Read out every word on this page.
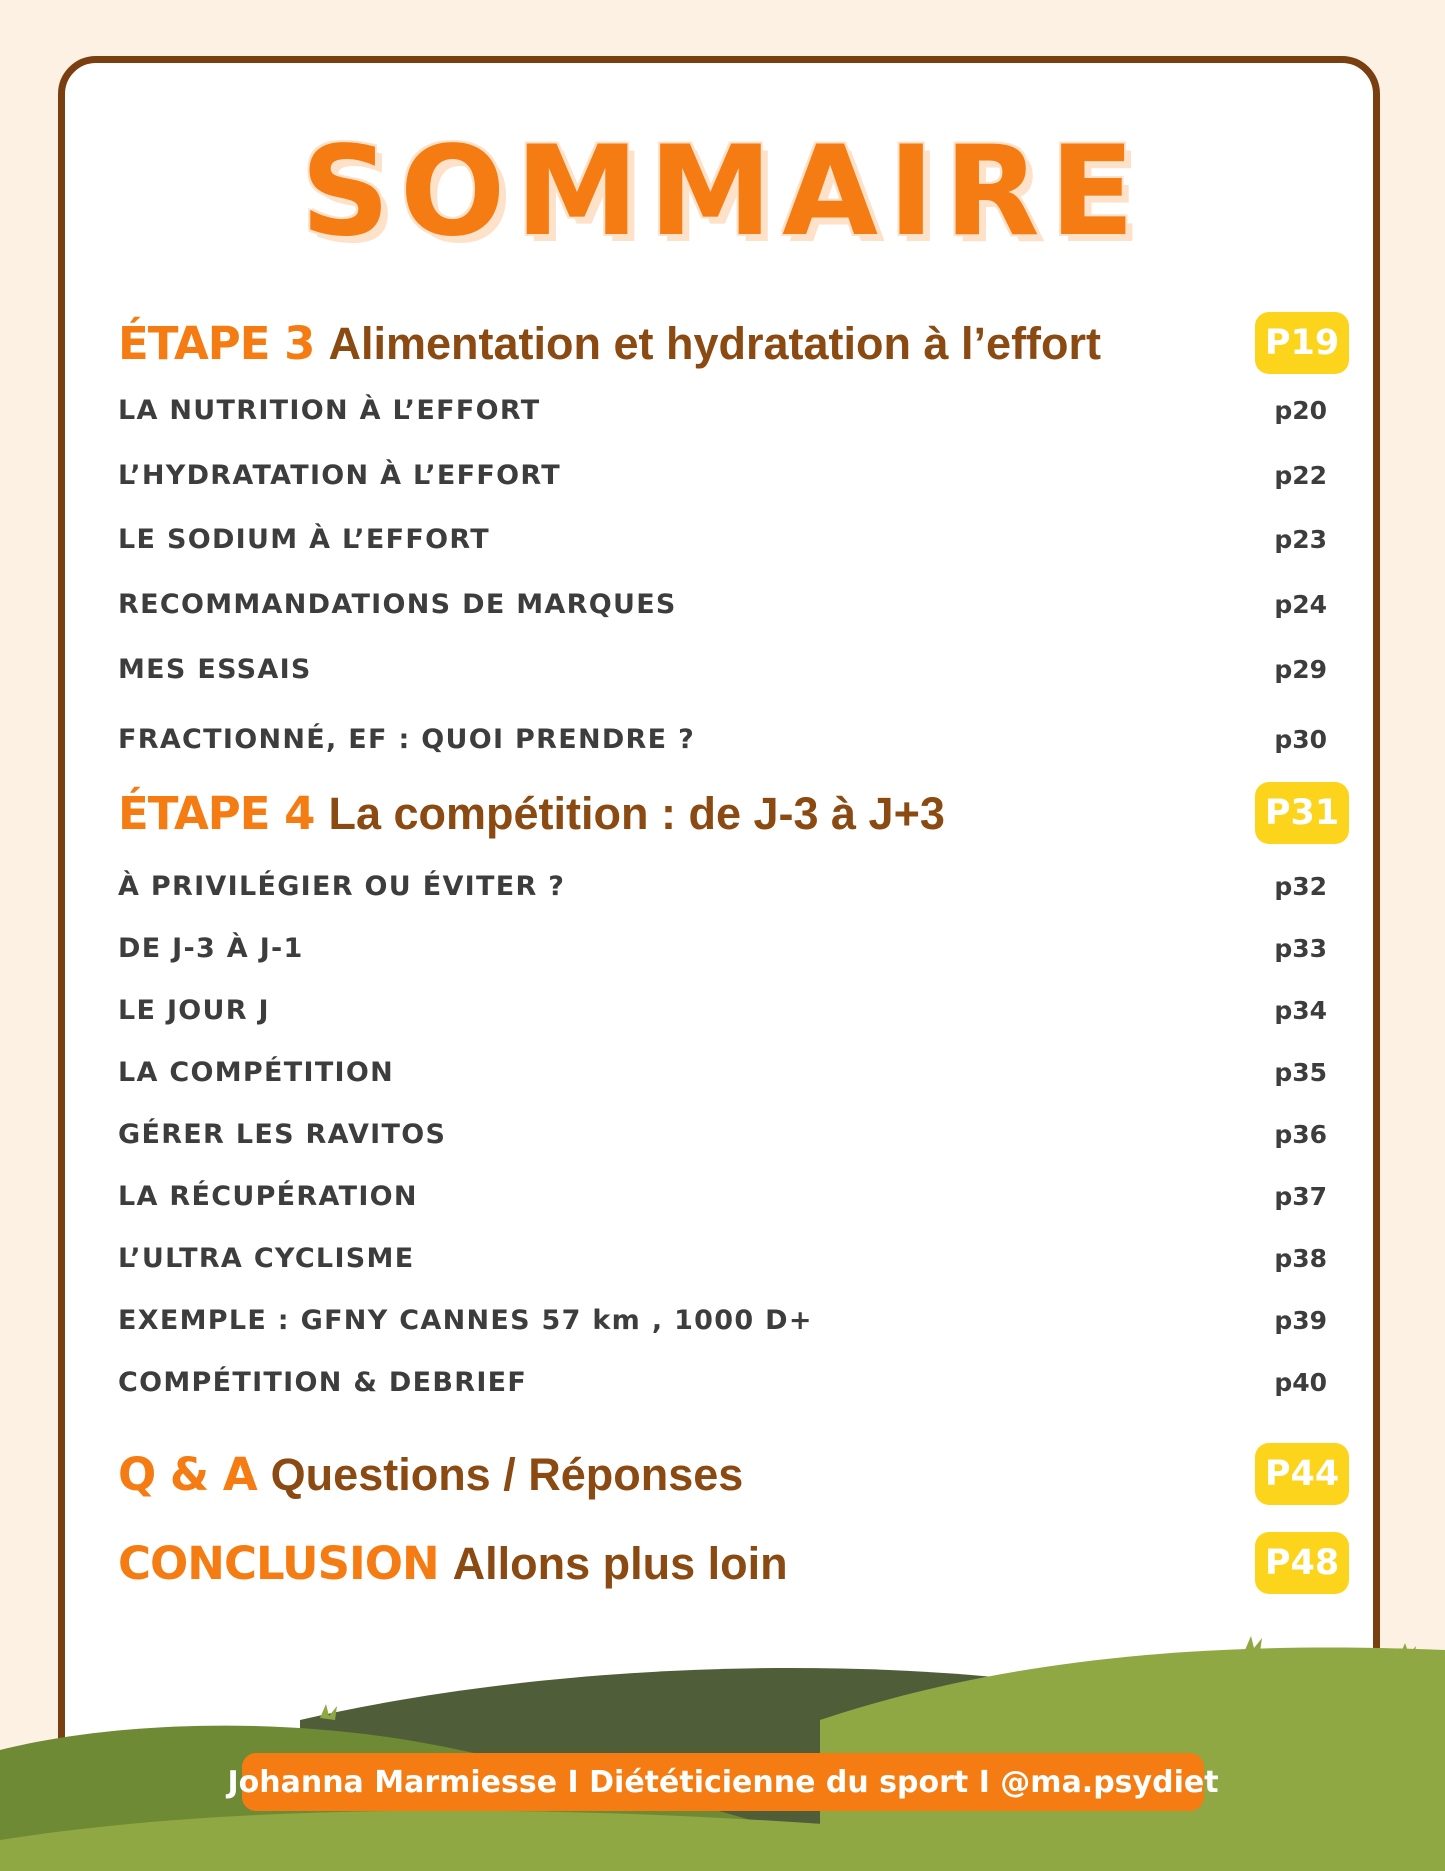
SOMMAIRE
ÉTAPE 3 Alimentation et hydratation à l’effort	P19
LA NUTRITION À L’EFFORT	p20
L’HYDRATATION À L’EFFORT	p22
LE SODIUM À L’EFFORT	p23
RECOMMANDATIONS DE MARQUES	p24
MES ESSAIS	p29
FRACTIONNÉ, EF : QUOI PRENDRE ?	p30
ÉTAPE 4 La compétition : de J-3 à J+3	P31
À PRIVILÉGIER OU ÉVITER ?	p32
DE J-3 À J-1	p33
LE JOUR J	p34
LA COMPÉTITION	p35
GÉRER LES RAVITOS	p36
LA RÉCUPÉRATION	p37
L’ULTRA CYCLISME	p38
EXEMPLE : GFNY CANNES 57 km , 1000 D+	p39
COMPÉTITION & DEBRIEF	p40
Q & A Questions / Réponses	P44
CONCLUSION Allons plus loin	P48
Johanna Marmiesse I Diététicienne du sport I @ma.psydiet
